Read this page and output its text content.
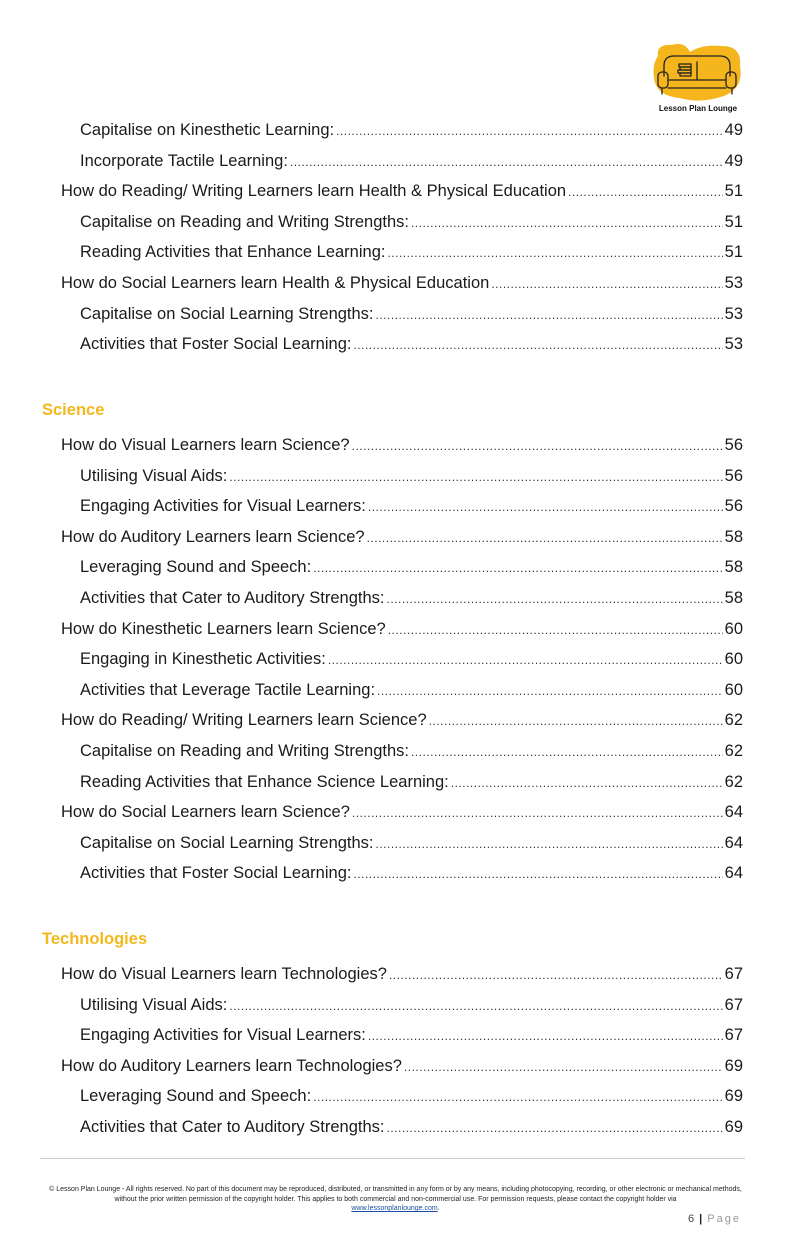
Lesson Plan Lounge
Capitalise on Kinesthetic Learning: .....	49
Incorporate Tactile Learning: .....	49
How do Reading/ Writing Learners learn Health & Physical Education .....	51
Capitalise on Reading and Writing Strengths: .....	51
Reading Activities that Enhance Learning: .....	51
How do Social Learners learn Health & Physical Education .....	53
Capitalise on Social Learning Strengths: .....	53
Activities that Foster Social Learning: .....	53
Science
How do Visual Learners learn Science? .....	56
Utilising Visual Aids: .....	56
Engaging Activities for Visual Learners: .....	56
How do Auditory Learners learn Science? .....	58
Leveraging Sound and Speech: .....	58
Activities that Cater to Auditory Strengths: .....	58
How do Kinesthetic Learners learn Science? .....	60
Engaging in Kinesthetic Activities: .....	60
Activities that Leverage Tactile Learning: .....	60
How do Reading/ Writing Learners learn Science? .....	62
Capitalise on Reading and Writing Strengths: .....	62
Reading Activities that Enhance Science Learning: .....	62
How do Social Learners learn Science? .....	64
Capitalise on Social Learning Strengths: .....	64
Activities that Foster Social Learning: .....	64
Technologies
How do Visual Learners learn Technologies? .....	67
Utilising Visual Aids: .....	67
Engaging Activities for Visual Learners: .....	67
How do Auditory Learners learn Technologies? .....	69
Leveraging Sound and Speech: .....	69
Activities that Cater to Auditory Strengths: .....	69
© Lesson Plan Lounge - All rights reserved. No part of this document may be reproduced, distributed, or transmitted in any form or by any means, including photocopying, recording, or other electronic or mechanical methods, without the prior written permission of the copyright holder. This applies to both commercial and non-commercial use. For permission requests, please contact the copyright holder via
www.lessonplanlounge.com.
6 | Page
